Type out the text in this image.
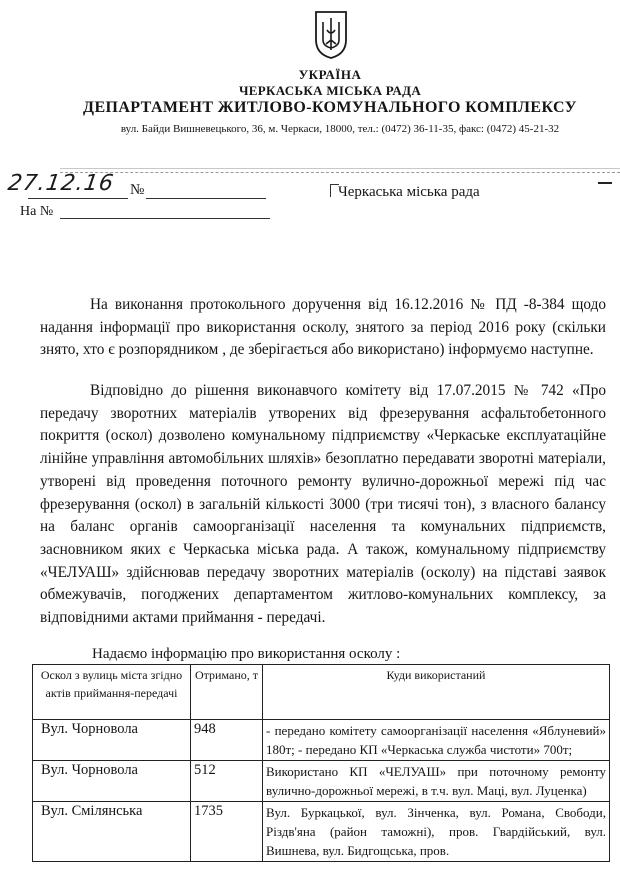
УКРАЇНА
ЧЕРКАСЬКА МІСЬКА РАДА
ДЕПАРТАМЕНТ ЖИТЛОВО-КОМУНАЛЬНОГО КОМПЛЕКСУ
вул. Байди Вишневецького, 36, м. Черкаси, 18000, тел.: (0472) 36-11-35, факс: (0472) 45-21-32
27.12.16 №
На №
Черкаська міська рада
На виконання протокольного доручення від 16.12.2016 № ПД -8-384 щодо надання інформації про використання осколу, знятого за період 2016 року (скільки знято, хто є розпорядником , де зберігається або використано) інформуємо наступне.
Відповідно до рішення виконавчого комітету від 17.07.2015 № 742 «Про передачу зворотних матеріалів утворених від фрезерування асфальтобетонного покриття (оскол) дозволено комунальному підприємству «Черкаське експлуатаційне лінійне управління автомобільних шляхів» безоплатно передавати зворотні матеріали, утворені від проведення поточного ремонту вулично-дорожньої мережі під час фрезерування (оскол) в загальній кількості 3000 (три тисячі тон), з власного балансу на баланс органів самоорганізації населення та комунальних підприємств, засновником яких є Черкаська міська рада. А також, комунальному підприємству «ЧЕЛУАШ» здійснював передачу зворотних матеріалів (осколу) на підставі заявок обмежувачів, погоджених департаментом житлово-комунальних комплексу, за відповідними актами приймання - передачі.
Надаємо інформацію про використання осколу :
Оскол з вулиць міста згідно актів приймання-передачі	Отримано, т	Куди використаний
Вул. Чорновола	948	- передано комітету самоорганізації населення «Яблуневий» 180т; - передано КП «Черкаська служба чистоти» 700т;
Вул. Чорновола	512	Використано КП «ЧЕЛУАШ» при поточному ремонту вулично-дорожньої мережі, в т.ч. вул. Мацi, вул. Луценка)
Вул. Смілянська	1735	Вул. Буркацької, вул. Зінченка, вул. Романа, Свободи, Різдв'яна (район таможні), пров. Гвардійський, вул. Вишнева, вул. Бидгощська, пров.
